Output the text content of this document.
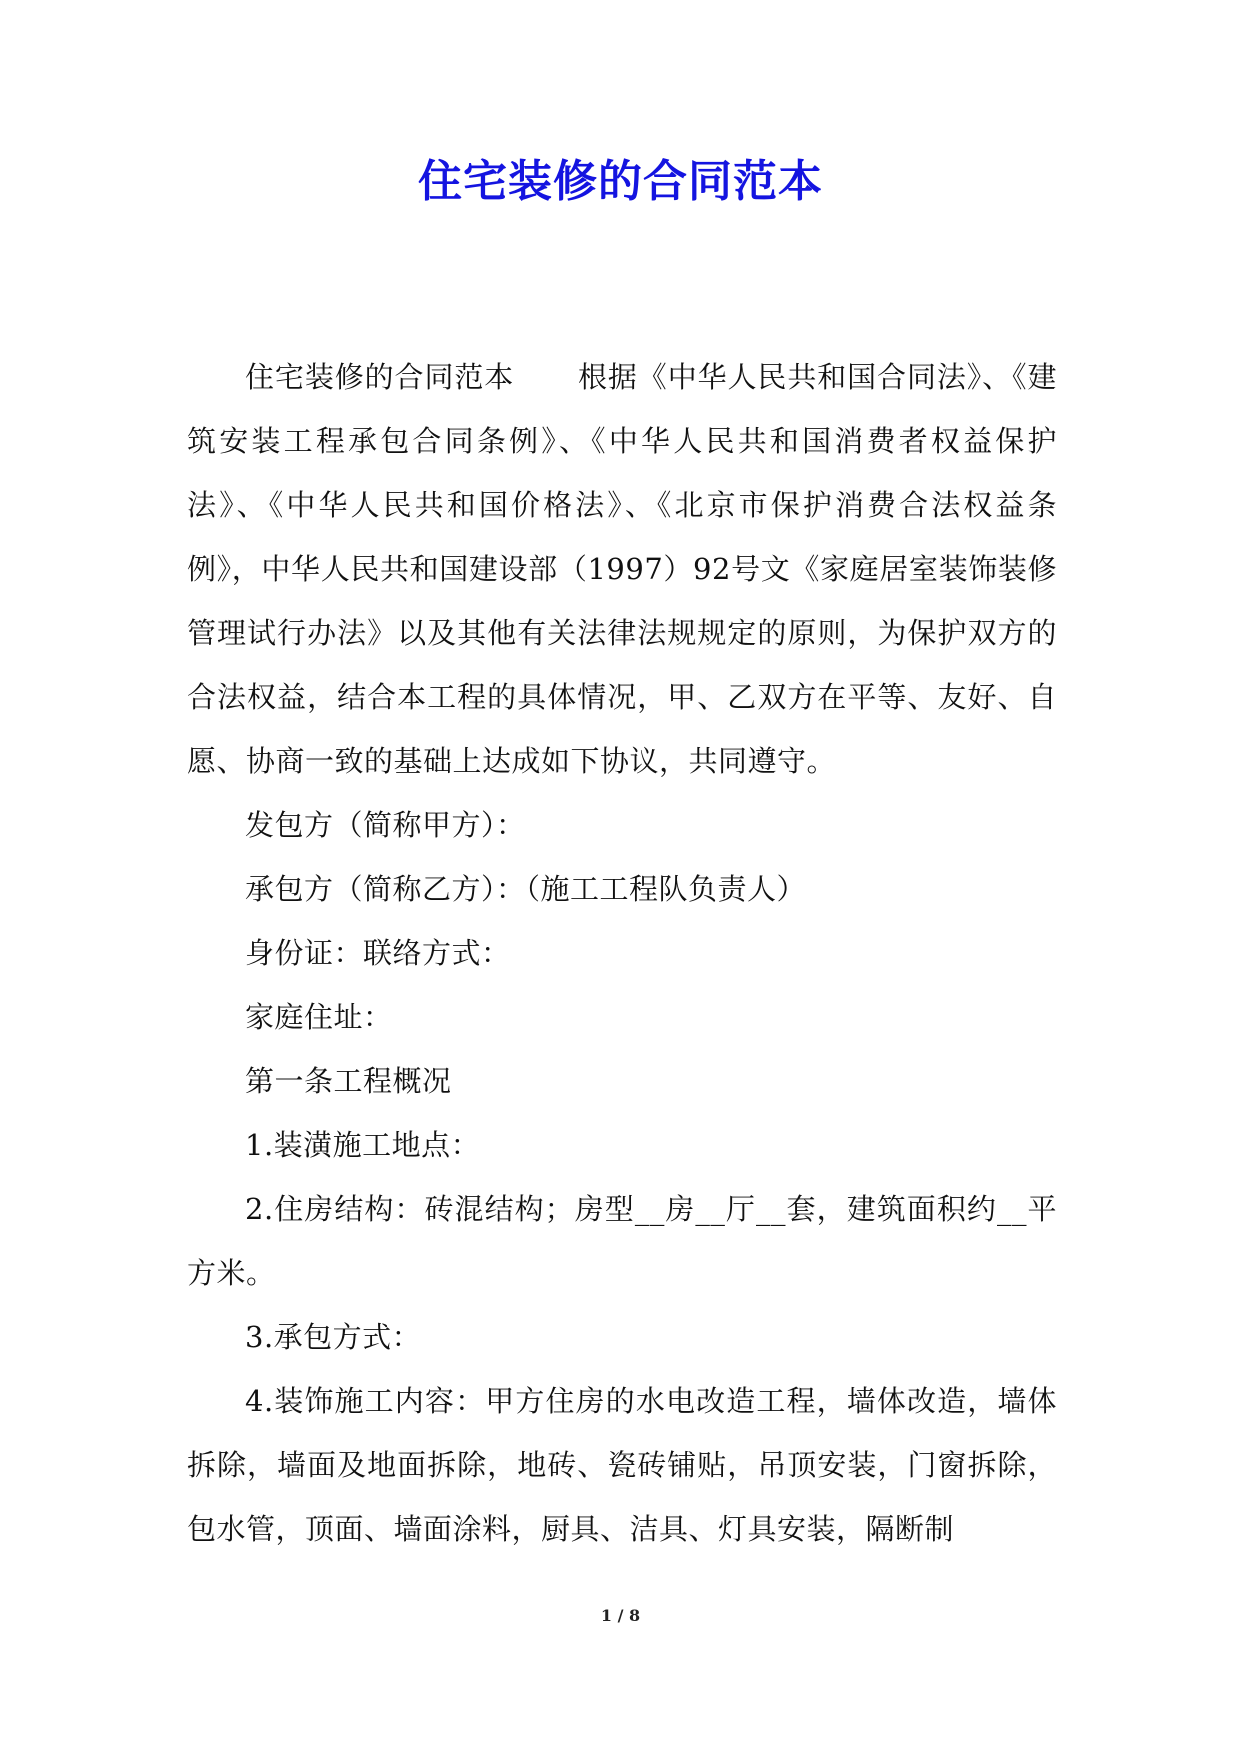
住宅装修的合同范本

住宅装修的合同范本 根据《中华人民共和国合同法》、《建筑安装工程承包合同条例》、《中华人民共和国消费者权益保护法》、《中华人民共和国价格法》、《北京市保护消费合法权益条例》，中华人民共和国建设部（1997）92号文《家庭居室装饰装修管理试行办法》以及其他有关法律法规规定的原则，为保护双方的合法权益，结合本工程的具体情况，甲、乙双方在平等、友好、自愿、协商一致的基础上达成如下协议，共同遵守。

发包方（简称甲方）：

承包方（简称乙方）：（施工工程队负责人）

身份证：联络方式：

家庭住址：

第一条工程概况

1.装潢施工地点：

2.住房结构：砖混结构；房型__房__厅__套，建筑面积约__平方米。

3.承包方式：

4.装饰施工内容：甲方住房的水电改造工程，墙体改造，墙体拆除，墙面及地面拆除，地砖、瓷砖铺贴，吊顶安装，门窗拆除，包水管，顶面、墙面涂料，厨具、洁具、灯具安装，隔断制

1 / 8
